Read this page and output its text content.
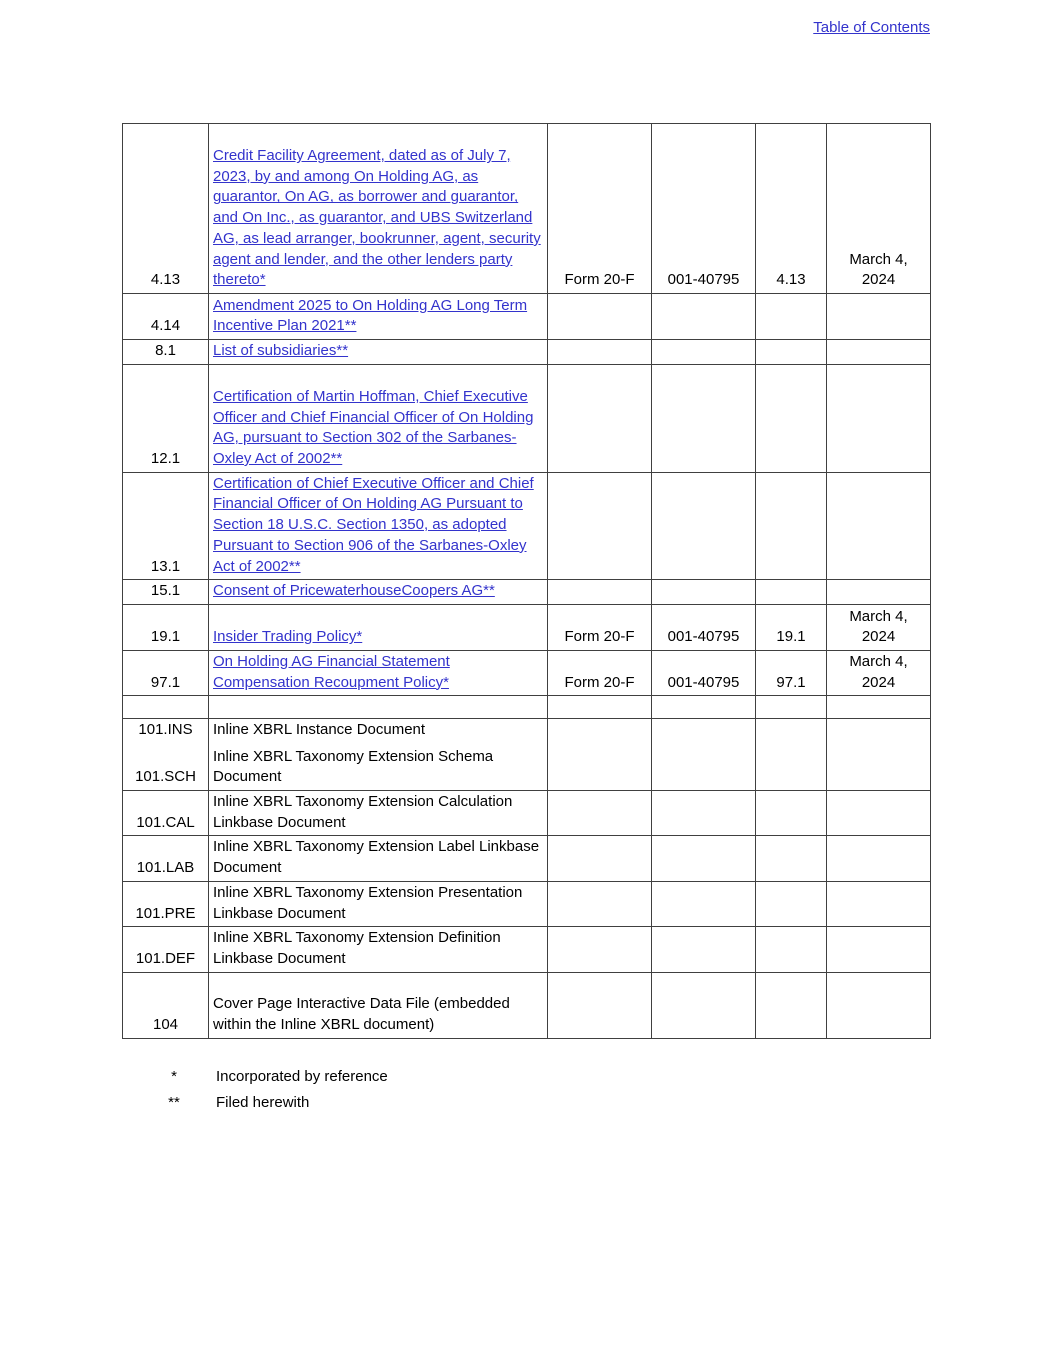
Table of Contents
4.13	Credit Facility Agreement, dated as of July 7, 2023, by and among On Holding AG, as guarantor, On AG, as borrower and guarantor, and On Inc., as guarantor, and UBS Switzerland AG, as lead arranger, bookrunner, agent, security agent and lender, and the other lenders party thereto*	Form 20-F	001-40795	4.13	March 4, 2024
4.14	Amendment 2025 to On Holding AG Long Term Incentive Plan 2021**				
8.1	List of subsidiaries**				
12.1	Certification of Martin Hoffman, Chief Executive Officer and Chief Financial Officer of On Holding AG, pursuant to Section 302 of the Sarbanes-Oxley Act of 2002**				
13.1	Certification of Chief Executive Officer and Chief Financial Officer of On Holding AG Pursuant to Section 18 U.S.C. Section 1350, as adopted Pursuant to Section 906 of the Sarbanes-Oxley Act of 2002**				
15.1	Consent of PricewaterhouseCoopers AG**				
19.1	Insider Trading Policy*	Form 20-F	001-40795	19.1	March 4, 2024
97.1	On Holding AG Financial Statement Compensation Recoupment Policy*	Form 20-F	001-40795	97.1	March 4, 2024

101.INS	Inline XBRL Instance Document				
101.SCH	Inline XBRL Taxonomy Extension Schema Document				
101.CAL	Inline XBRL Taxonomy Extension Calculation Linkbase Document				
101.LAB	Inline XBRL Taxonomy Extension Label Linkbase Document				
101.PRE	Inline XBRL Taxonomy Extension Presentation Linkbase Document				
101.DEF	Inline XBRL Taxonomy Extension Definition Linkbase Document				
104	Cover Page Interactive Data File (embedded within the Inline XBRL document)				
*	Incorporated by reference
**	Filed herewith
